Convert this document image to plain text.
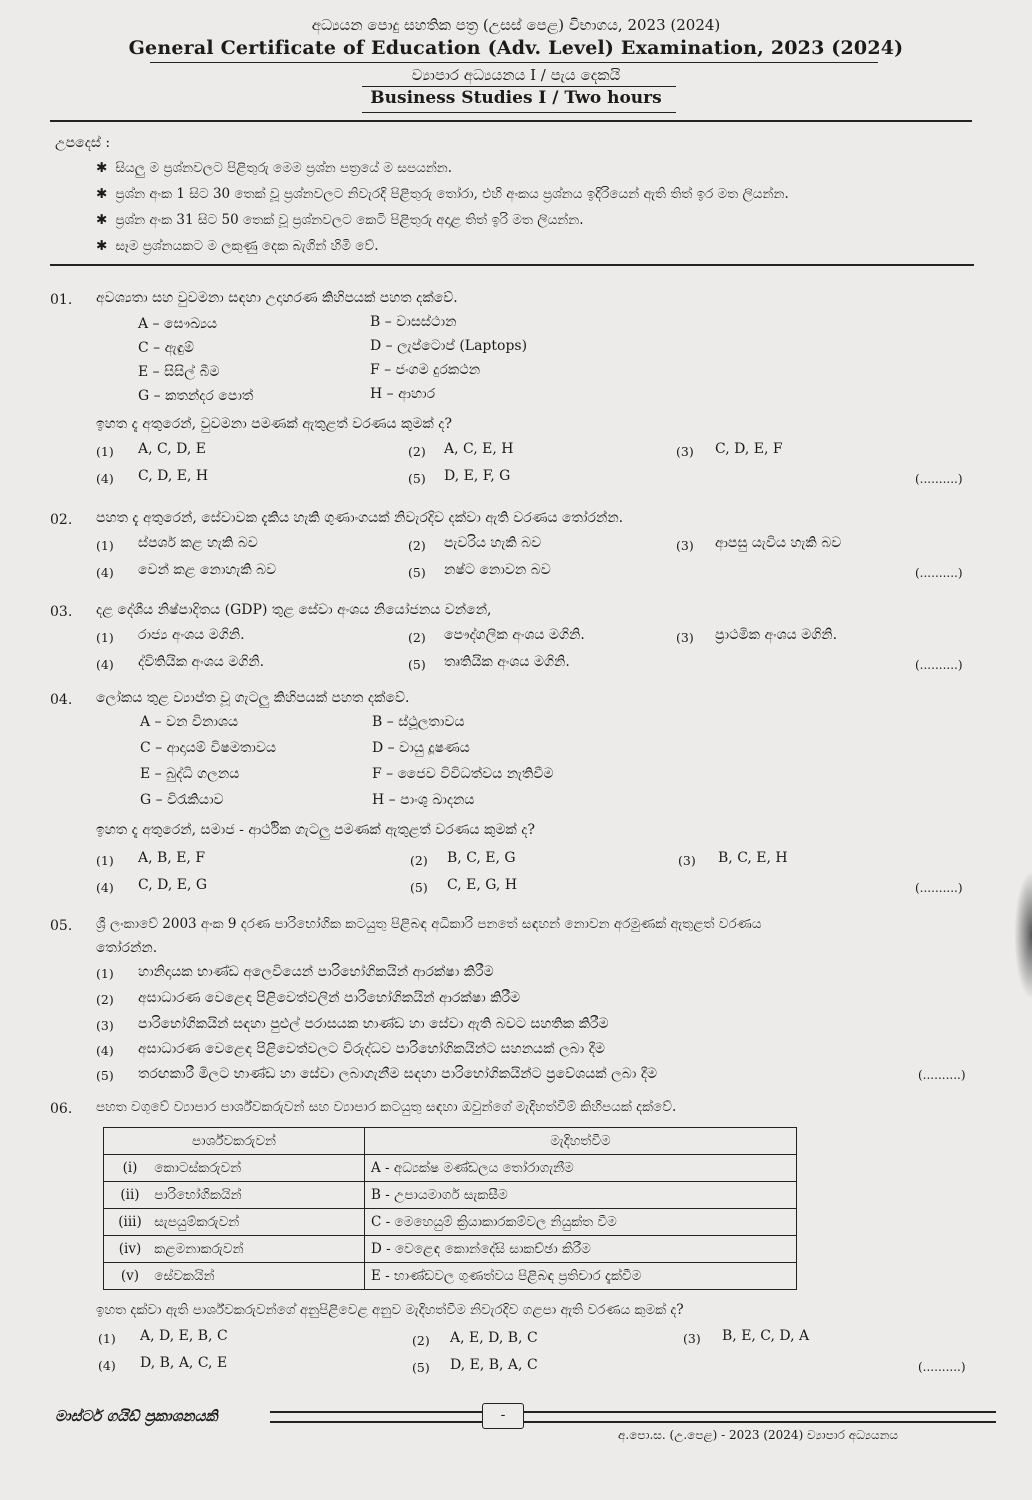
අධ්‍යයන පොදු සහතික පත්‍ර (උසස් පෙළ) විභාගය, 2023 (2024)
General Certificate of Education (Adv. Level) Examination, 2023 (2024)
ව්‍යාපාර අධ්‍යයනය I / පැය දෙකයි
Business Studies I / Two hours
උපදෙස් :
✱ සියලු ම ප්‍රශ්නවලට පිළිතුරු මෙම ප්‍රශ්න පත්‍රයේ ම සපයන්න.
✱ ප්‍රශ්න අංක 1 සිට 30 තෙක් වූ ප්‍රශ්නවලට නිවැරදි පිළිතුරු තෝරා, එහි අංකය ප්‍රශ්නය ඉදිරියෙන් ඇති තිත් ඉර මත ලියන්න.
✱ ප්‍රශ්න අංක 31 සිට 50 තෙක් වූ ප්‍රශ්නවලට කෙටි පිළිතුරු අදාළ තිත් ඉරි මත ලියන්න.
✱ සෑම ප්‍රශ්නයකට ම ලකුණු දෙක බැගින් හිමි වේ.
01. අවශ්‍යතා සහ වුවමනා සඳහා උදාහරණ කිහිපයක් පහත දක්වේ.
A – සෞඛ්‍යය	B – වාසස්ථාන
C – ඇඳුම්	D – ලැප්ටොප් (Laptops)
E – සිසිල් බීම	F – ජංගම දුරකථන
G – කතන්දර පොත්	H – ආහාර
ඉහත දැ අතුරෙන්, වුවමනා පමණක් ඇතුළත් වරණය කුමක් ද?
(1) A, C, D, E	(2) A, C, E, H	(3) C, D, E, F
(4) C, D, E, H	(5) D, E, F, G	(..........)
02. පහත දැ අතුරෙන්, සේවාවක දැකිය හැකි ගුණාංගයක් නිවැරදිව දක්වා ඇති වරණය තෝරන්න.
(1) ස්පර්ශ කළ හැකි බව	(2) පැවරිය හැකි බව	(3) ආපසු යැවිය හැකි බව
(4) වෙන් කළ නොහැකි බව	(5) නෂ්ට නොවන බව	(..........)
03. දළ දේශීය නිෂ්පාදිතය (GDP) තුළ සේවා අංශය නියෝජනය වන්නේ,
(1) රාජ්‍ය අංශය මගිනි.	(2) පෞද්ගලික අංශය මගිනි.	(3) ප්‍රාථමික අංශය මගිනි.
(4) ද්විතියික අංශය මගිනි.	(5) තෘතියික අංශය මගිනි.	(..........)
04. ලෝකය තුළ ව්‍යාප්ත වූ ගැටලු කිහිපයක් පහත දක්වේ.
A – වන විනාශය	B – ස්ථූලතාවය
C – ආදායම් විෂමතාවය	D – වායු දූෂණය
E – බුද්ධි ගලනය	F – ජෛව විවිධත්වය නැතිවීම
G – විරැකියාව	H – පාංශු ඛාදනය
ඉහත දැ අතුරෙන්, සමාජ - ආර්ථික ගැටලු පමණක් ඇතුළත් වරණය කුමක් ද?
(1) A, B, E, F	(2) B, C, E, G	(3) B, C, E, H
(4) C, D, E, G	(5) C, E, G, H	(..........)
05. ශ්‍රී ලංකාවේ 2003 අංක 9 දරණ පාරිභෝගික කටයුතු පිළිබඳ අධිකාරි පනතේ සඳහන් නොවන අරමුණක් ඇතුළත් වරණය
තෝරන්න.
(1) හානිදායක භාණ්ඩ අලෙවියෙන් පාරිභෝගිකයින් ආරක්ෂා කිරීම
(2) අසාධාරණ වෙළෙඳ පිළිවෙත්වලින් පාරිභෝගිකයින් ආරක්ෂා කිරීම
(3) පාරිභෝගිකයින් සඳහා පුළුල් පරාසයක භාණ්ඩ හා සේවා ඇති බවට සහතික කිරීම
(4) අසාධාරණ වෙළෙඳ පිළිවෙත්වලට විරුද්ධව පාරිභෝගිකයින්ට සහනයක් ලබා දීම
(5) තරඟකාරී මිලට භාණ්ඩ හා සේවා ලබාගැනීම සඳහා පාරිභෝගිකයින්ට ප්‍රවේශයක් ලබා දීම	(..........)
06. පහත වගුවේ ව්‍යාපාර පාර්ශ්වකරුවන් සහ ව්‍යාපාර කටයුතු සඳහා ඔවුන්ගේ මැදිහත්වීම් කිහිපයක් දක්වේ.
පාර්ශ්වකරුවන්	මැදිහත්වීම
(i) කොටස්කරුවන්	A - අධ්‍යක්ෂ මණ්ඩලය තෝරාගැනීම
(ii) පාරිභෝගිකයින්	B - උපායමාර්ග සැකසීම
(iii) සැපයුම්කරුවන්	C - මෙහෙයුම් ක්‍රියාකාරකම්වල නියුක්ත වීම
(iv) කළමනාකරුවන්	D - වෙළෙඳ කොන්දේසි සාකච්ඡා කිරීම
(v) සේවකයින්	E - භාණ්ඩවල ගුණත්වය පිළිබඳ ප්‍රතිචාර දැක්වීම
ඉහත දක්වා ඇති පාර්ශ්වකරුවන්ගේ අනුපිළිවෙළ අනුව මැදිහත්වීම නිවැරදිව ගළපා ඇති වරණය කුමක් ද?
(1) A, D, E, B, C	(2) A, E, D, B, C	(3) B, E, C, D, A
(4) D, B, A, C, E	(5) D, E, B, A, C	(..........)
මාස්ටර් ගයිඩ් ප්‍රකාශනයකි	-
අ.පො.ස. (උ.පෙළ) - 2023 (2024) ව්‍යාපාර අධ්‍යයනය
